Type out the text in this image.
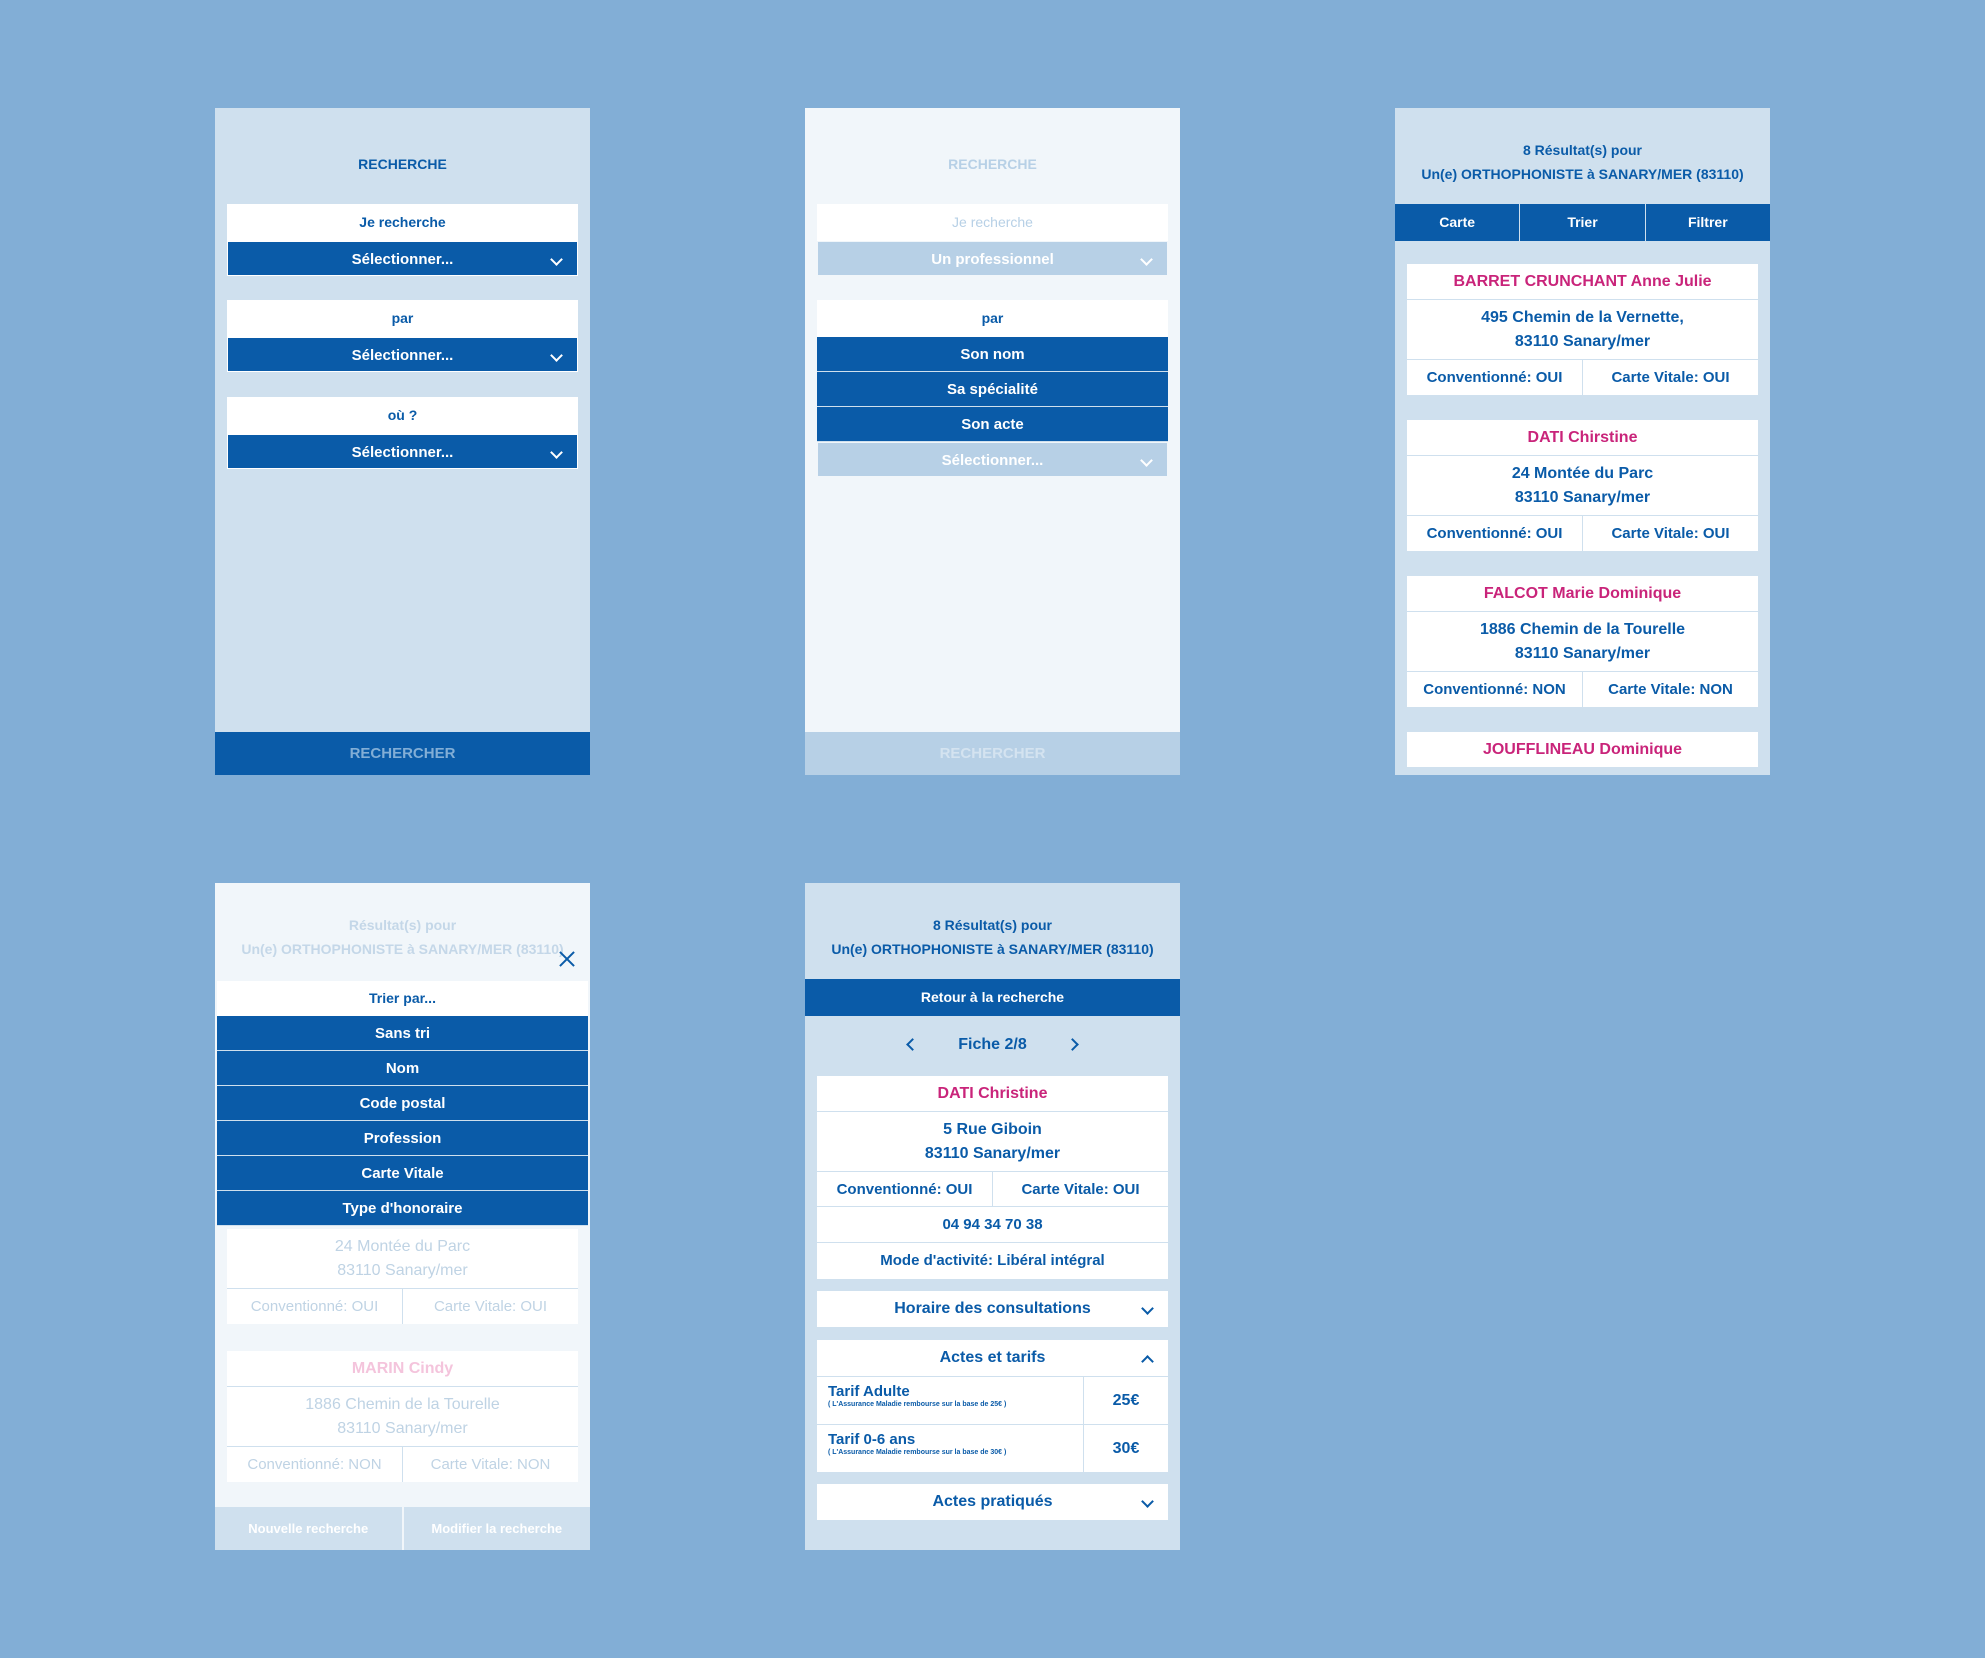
RECHERCHE
Je recherche
Sélectionner...
par
Sélectionner...
où ?
Sélectionner...
RECHERCHER
RECHERCHE
Je recherche
Un professionnel
par
Son nom
Sa spécialité
Son acte
Sélectionner...
RECHERCHER
8 Résultat(s) pour
Un(e) ORTHOPHONISTE à SANARY/MER (83110)
Carte	Trier	Filtrer
BARRET CRUNCHANT Anne Julie
495 Chemin de la Vernette,
83110 Sanary/mer
Conventionné: OUI	Carte Vitale: OUI
DATI Chirstine
24 Montée du Parc
83110 Sanary/mer
Conventionné: OUI	Carte Vitale: OUI
FALCOT Marie Dominique
1886 Chemin de la Tourelle
83110 Sanary/mer
Conventionné: NON	Carte Vitale: NON
JOUFFLINEAU Dominique
Résultat(s) pour
Un(e) ORTHOPHONISTE à SANARY/MER (83110)
24 Montée du Parc
83110 Sanary/mer
Conventionné: OUI	Carte Vitale: OUI
MARIN Cindy
1886 Chemin de la Tourelle
83110 Sanary/mer
Conventionné: NON	Carte Vitale: NON
Trier par...
Sans tri
Nom
Code postal
Profession
Carte Vitale
Type d'honoraire
Nouvelle recherche	Modifier la recherche
8 Résultat(s) pour
Un(e) ORTHOPHONISTE à SANARY/MER (83110)
Retour à la recherche
Fiche 2/8
DATI Christine
5 Rue Giboin
83110 Sanary/mer
Conventionné: OUI	Carte Vitale: OUI
04 94 34 70 38
Mode d'activité: Libéral intégral
Horaire des consultations
Actes et tarifs
Tarif Adulte
( L'Assurance Maladie rembourse sur la base de 25€ )	25€
Tarif 0-6 ans
( L'Assurance Maladie rembourse sur la base de 30€ )	30€
Actes pratiqués
